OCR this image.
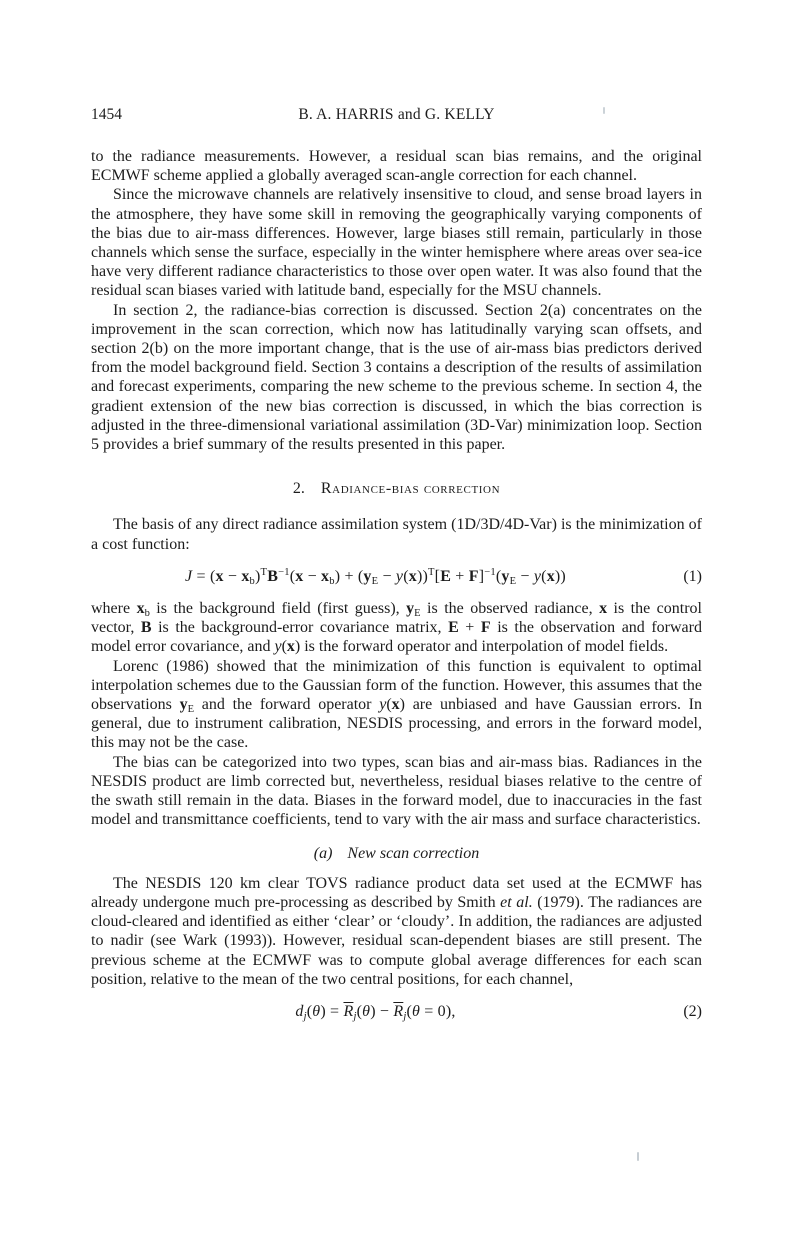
1454	B. A. HARRIS and G. KELLY

to the radiance measurements. However, a residual scan bias remains, and the original ECMWF scheme applied a globally averaged scan-angle correction for each channel.

Since the microwave channels are relatively insensitive to cloud, and sense broad layers in the atmosphere, they have some skill in removing the geographically varying components of the bias due to air-mass differences. However, large biases still remain, particularly in those channels which sense the surface, especially in the winter hemisphere where areas over sea-ice have very different radiance characteristics to those over open water. It was also found that the residual scan biases varied with latitude band, especially for the MSU channels.

In section 2, the radiance-bias correction is discussed. Section 2(a) concentrates on the improvement in the scan correction, which now has latitudinally varying scan offsets, and section 2(b) on the more important change, that is the use of air-mass bias predictors derived from the model background field. Section 3 contains a description of the results of assimilation and forecast experiments, comparing the new scheme to the previous scheme. In section 4, the gradient extension of the new bias correction is discussed, in which the bias correction is adjusted in the three-dimensional variational assimilation (3D-Var) minimization loop. Section 5 provides a brief summary of the results presented in this paper.

2. Radiance-bias correction

The basis of any direct radiance assimilation system (1D/3D/4D-Var) is the minimization of a cost function:

$J = (x - x_b)^TB^{-1}(x - x_b) + (y_E - y(x))^T[E + F]^{-1}(y_E - y(x))$	(1)

where $x_b$ is the background field (first guess), $y_E$ is the observed radiance, x is the control vector, B is the background-error covariance matrix, E + F is the observation and forward model error covariance, and y(x) is the forward operator and interpolation of model fields.

Lorenc (1986) showed that the minimization of this function is equivalent to optimal interpolation schemes due to the Gaussian form of the function. However, this assumes that the observations $y_E$ and the forward operator y(x) are unbiased and have Gaussian errors. In general, due to instrument calibration, NESDIS processing, and errors in the forward model, this may not be the case.

The bias can be categorized into two types, scan bias and air-mass bias. Radiances in the NESDIS product are limb corrected but, nevertheless, residual biases relative to the centre of the swath still remain in the data. Biases in the forward model, due to inaccuracies in the fast model and transmittance coefficients, tend to vary with the air mass and surface characteristics.

(a) New scan correction

The NESDIS 120 km clear TOVS radiance product data set used at the ECMWF has already undergone much pre-processing as described by Smith et al. (1979). The radiances are cloud-cleared and identified as either ‘clear’ or ‘cloudy’. In addition, the radiances are adjusted to nadir (see Wark (1993)). However, residual scan-dependent biases are still present. The previous scheme at the ECMWF was to compute global average differences for each scan position, relative to the mean of the two central positions, for each channel,

$d_j(\theta) = \overline{R}_j(\theta) - \overline{R}_j(\theta = 0)$,	(2)
